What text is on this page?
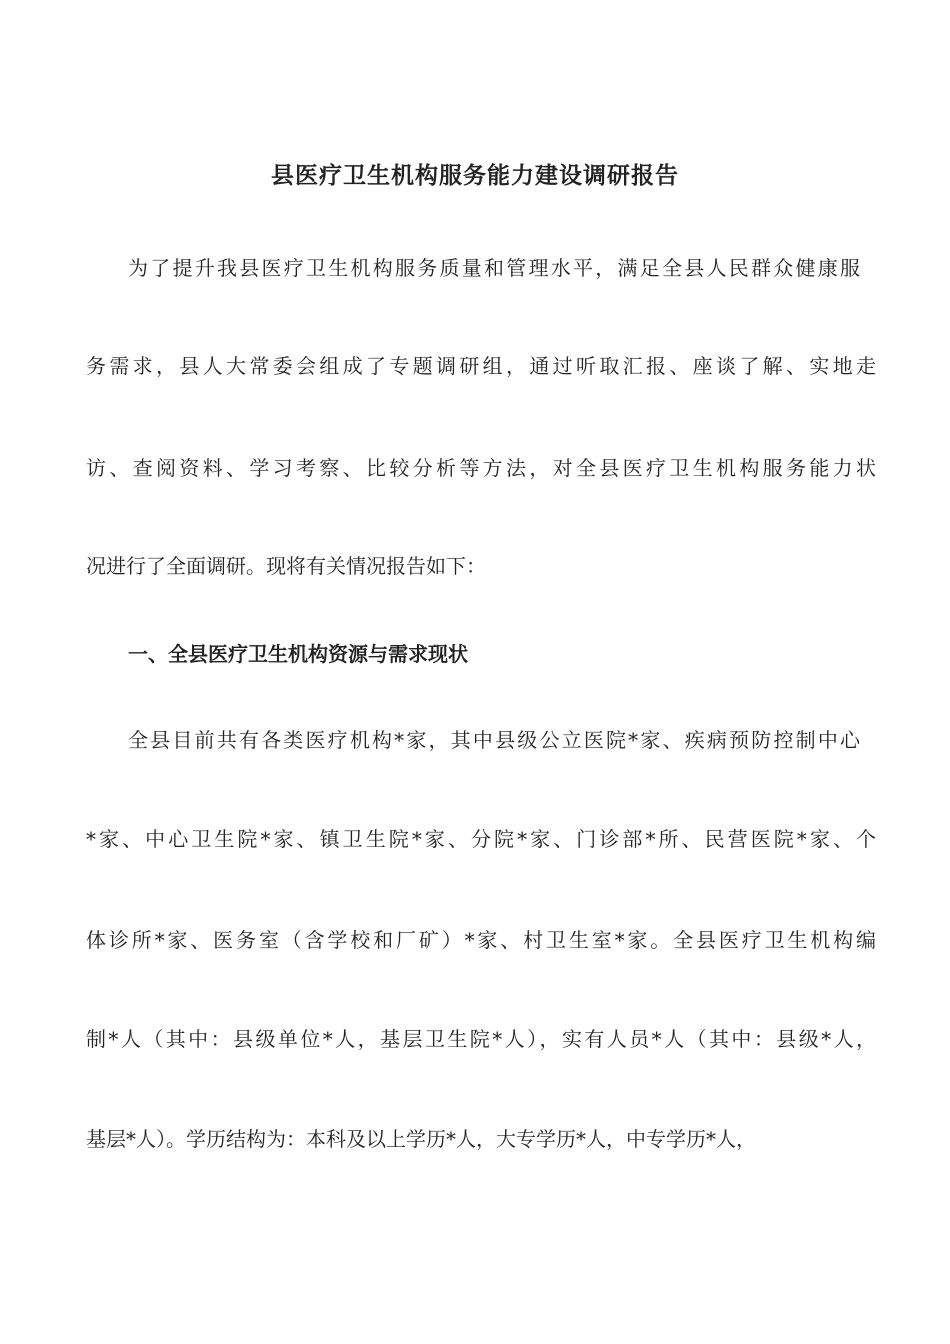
县医疗卫生机构服务能力建设调研报告
为了提升我县医疗卫生机构服务质量和管理水平，满足全县人民群众健康服
务需求，县人大常委会组成了专题调研组，通过听取汇报、座谈了解、实地走
访、查阅资料、学习考察、比较分析等方法，对全县医疗卫生机构服务能力状
况进行了全面调研。现将有关情况报告如下：
一、全县医疗卫生机构资源与需求现状
全县目前共有各类医疗机构*家，其中县级公立医院*家、疾病预防控制中心
*家、中心卫生院*家、镇卫生院*家、分院*家、门诊部*所、民营医院*家、个
体诊所*家、医务室（含学校和厂矿）*家、村卫生室*家。全县医疗卫生机构编
制*人（其中：县级单位*人，基层卫生院*人），实有人员*人（其中：县级*人，
基层*人）。学历结构为：本科及以上学历*人，大专学历*人，中专学历*人，
